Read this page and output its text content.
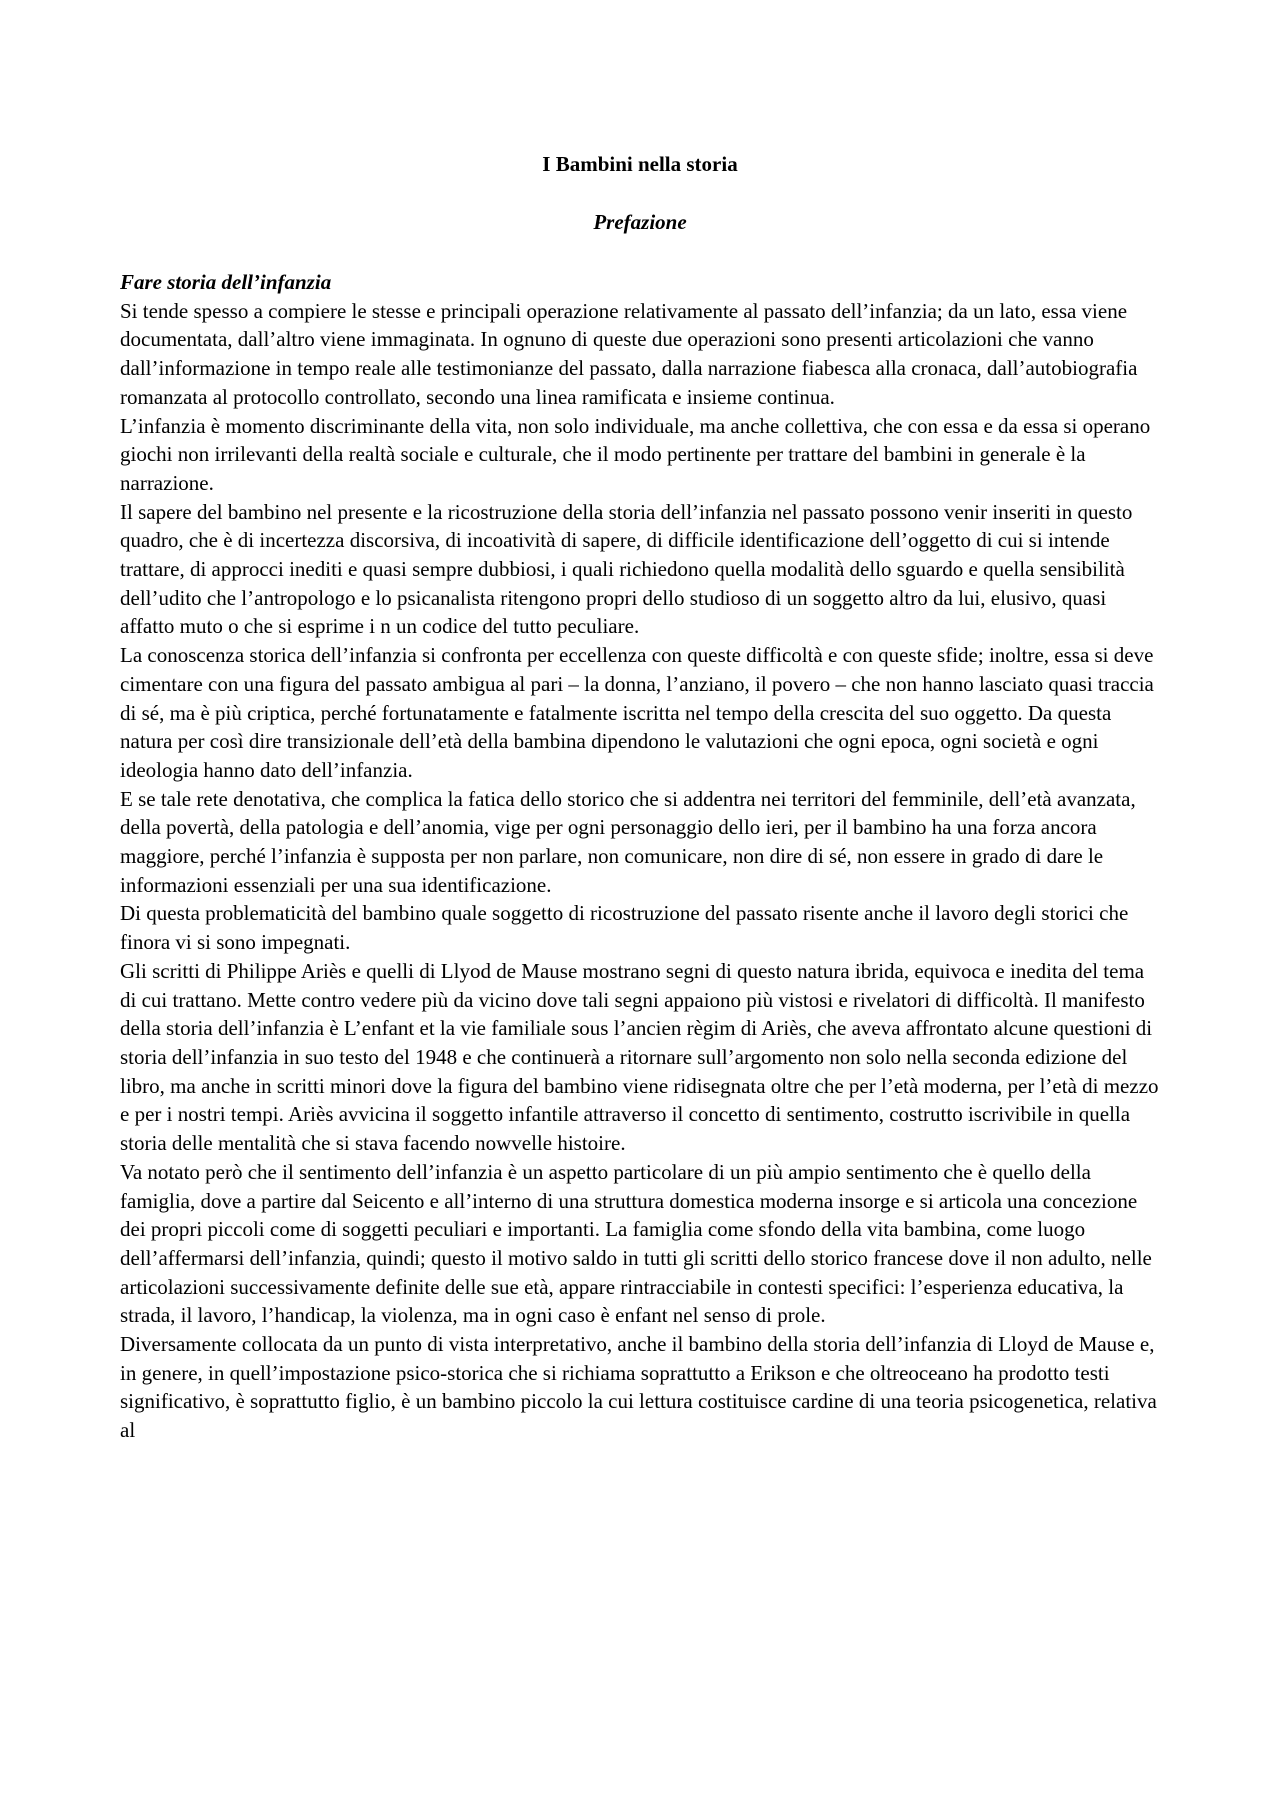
I Bambini nella storia
Prefazione
Fare storia dell’infanzia

Si tende spesso a compiere le stesse e principali operazione relativamente al passato dell’infanzia; da un lato, essa viene documentata, dall’altro viene immaginata. In ognuno di queste due operazioni sono presenti articolazioni che vanno dall’informazione in tempo reale alle testimonianze del passato, dalla narrazione fiabesca alla cronaca, dall’autobiografia romanzata al protocollo controllato, secondo una linea ramificata e insieme continua.

L’infanzia è momento discriminante della vita, non solo individuale, ma anche collettiva, che con essa e da essa si operano giochi non irrilevanti della realtà sociale e culturale, che il modo pertinente per trattare del bambini in generale è la narrazione.

Il sapere del bambino nel presente e la ricostruzione della storia dell’infanzia nel passato possono venir inseriti in questo quadro, che è di incertezza discorsiva, di incoatività di sapere, di difficile identificazione dell’oggetto di cui si intende trattare, di approcci inediti e quasi sempre dubbiosi, i quali richiedono quella modalità dello sguardo e quella sensibilità dell’udito che l’antropologo e lo psicanalista ritengono propri dello studioso di un soggetto altro da lui, elusivo, quasi affatto muto o che si esprime i n un codice del tutto peculiare.

La conoscenza storica dell’infanzia si confronta per eccellenza con queste difficoltà e con queste sfide; inoltre, essa si deve cimentare con una figura del passato ambigua al pari – la donna, l’anziano, il povero – che non hanno lasciato quasi traccia di sé, ma è più criptica, perché fortunatamente e fatalmente iscritta nel tempo della crescita del suo oggetto. Da questa natura per così dire transizionale dell’età della bambina dipendono le valutazioni che ogni epoca, ogni società e ogni ideologia hanno dato dell’infanzia.

E se tale rete denotativa, che complica la fatica dello storico che si addentra nei territori del femminile, dell’età avanzata, della povertà, della patologia e dell’anomia, vige per ogni personaggio dello ieri, per il bambino ha una forza ancora maggiore, perché l’infanzia è supposta per non parlare, non comunicare, non dire di sé, non essere in grado di dare le informazioni essenziali per una sua identificazione.

Di questa problematicità del bambino quale soggetto di ricostruzione del passato risente anche il lavoro degli storici che finora vi si sono impegnati.

Gli scritti di Philippe Ariès e quelli di Llyod de Mause mostrano segni di questo natura ibrida, equivoca e inedita del tema di cui trattano. Mette contro vedere più da vicino dove tali segni appaiono più vistosi e rivelatori di difficoltà. Il manifesto della storia dell’infanzia è L’enfant et la vie familiale sous l’ancien règim di Ariès, che aveva affrontato alcune questioni di storia dell’infanzia in suo testo del 1948 e che continuerà a ritornare sull’argomento non solo nella seconda edizione del libro, ma anche in scritti minori dove la figura del bambino viene ridisegnata oltre che per l’età moderna, per l’età di mezzo e per i nostri tempi. Ariès avvicina il soggetto infantile attraverso il concetto di sentimento, costrutto iscrivibile in quella storia delle mentalità che si stava facendo nowvelle histoire.

Va notato però che il sentimento dell’infanzia è un aspetto particolare di un più ampio sentimento che è quello della famiglia, dove a partire dal Seicento e all’interno di una struttura domestica moderna insorge e si articola una concezione dei propri piccoli come di soggetti peculiari e importanti. La famiglia come sfondo della vita bambina, come luogo dell’affermarsi dell’infanzia, quindi; questo il motivo saldo in tutti gli scritti dello storico francese dove il non adulto, nelle articolazioni successivamente definite delle sue età, appare rintracciabile in contesti specifici: l’esperienza educativa, la strada, il lavoro, l’handicap, la violenza, ma in ogni caso è enfant nel senso di prole.

Diversamente collocata da un punto di vista interpretativo, anche il bambino della storia dell’infanzia di Lloyd de Mause e, in genere, in quell’impostazione psico-storica che si richiama soprattutto a Erikson e che oltreoceano ha prodotto testi significativo, è soprattutto figlio, è un bambino piccolo la cui lettura costituisce cardine di una teoria psicogenetica, relativa al
